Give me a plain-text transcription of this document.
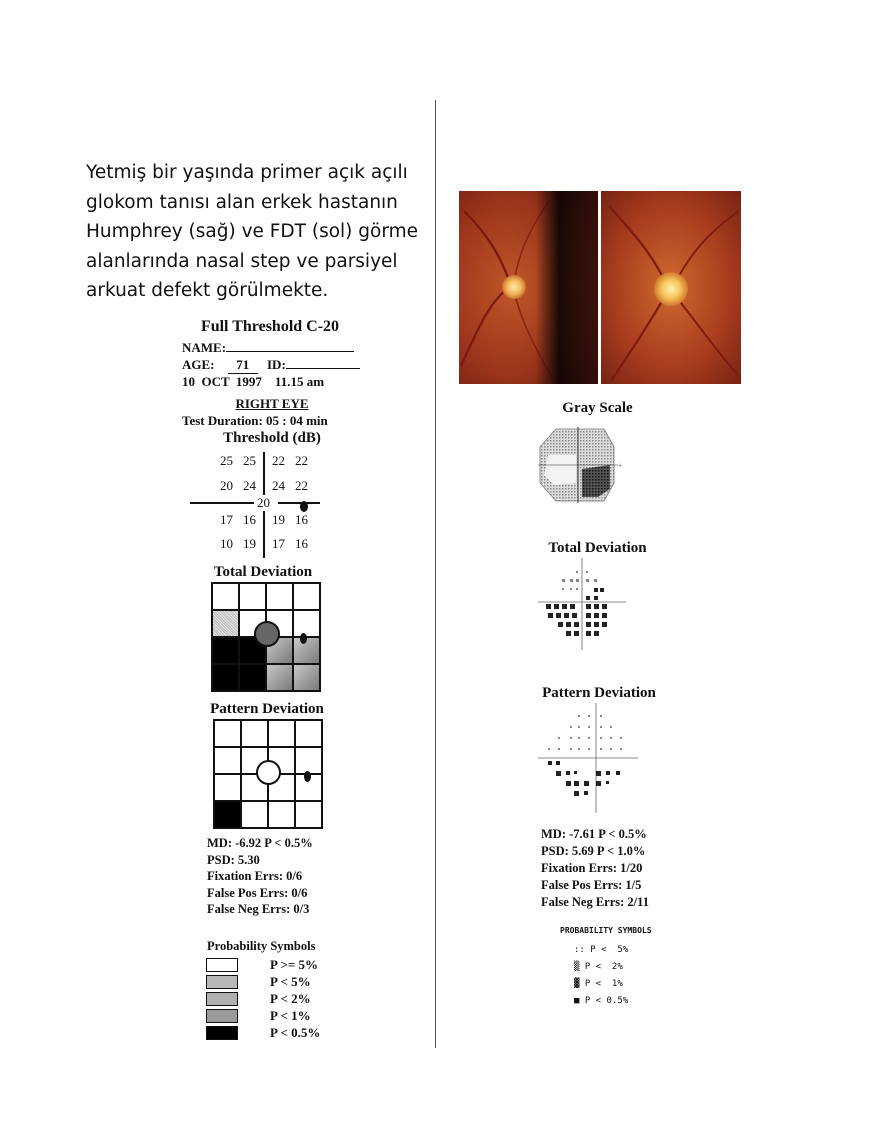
Yetmiş bir yaşında primer açık açılı
glokom tanısı alan erkek hastanın
Humphrey (sağ) ve FDT (sol) görme
alanlarında nasal step ve parsiyel
arkuat defekt görülmekte.
Full Threshold C-20
NAME:
AGE: 71 ID:
10  OCT  1997    11.15 am
RIGHT EYE
Test Duration: 05 : 04 min
Threshold (dB)
25 25 22 22
20 24 24 22
20
17 16 19 16
10 19 17 16
Total Deviation
Pattern Deviation
MD: -6.92 P < 0.5%
PSD: 5.30
Fixation Errs: 0/6
False Pos Errs: 0/6
False Neg Errs: 0/3
Probability Symbols
P >= 5%
P < 5%
P < 2%
P < 1%
P < 0.5%
Gray Scale
+
Total Deviation
Pattern Deviation
MD: -7.61 P < 0.5%
PSD: 5.69 P < 1.0%
Fixation Errs: 1/20
False Pos Errs: 1/5
False Neg Errs: 2/11
PROBABILITY SYMBOLS
:: P <  5%
▒ P <  2%
▓ P <  1%
■ P < 0.5%
